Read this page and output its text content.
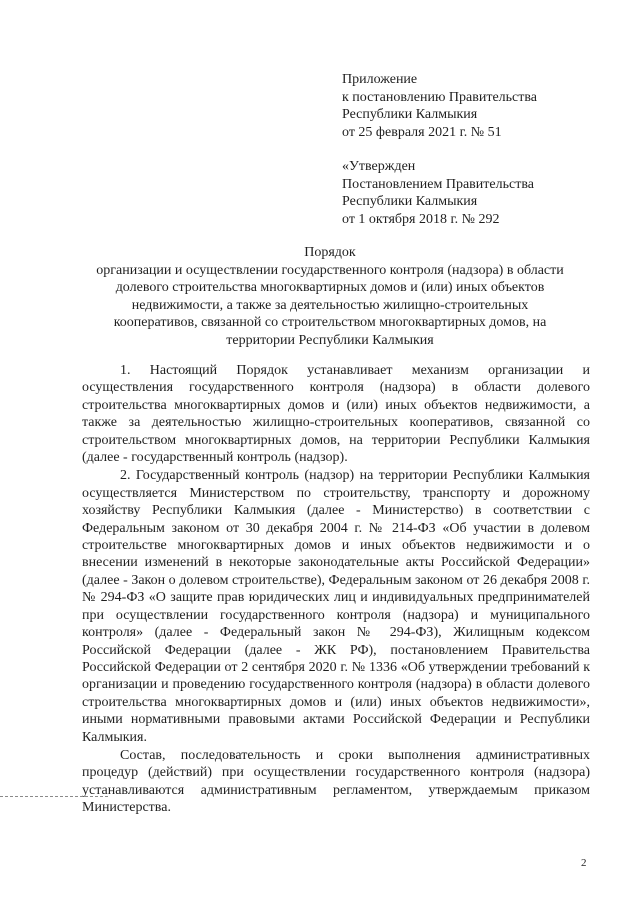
Приложение
к постановлению Правительства
Республики Калмыкия
от 25 февраля 2021 г. № 51
«Утвержден
Постановлением Правительства
Республики Калмыкия
от 1 октября 2018 г. № 292
Порядок
организации и осуществлении государственного контроля (надзора) в области
долевого строительства многоквартирных домов и (или) иных объектов
недвижимости, а также за деятельностью жилищно-строительных
кооперативов, связанной со строительством многоквартирных домов, на
территории Республики Калмыкия

1. Настоящий Порядок устанавливает механизм организации и осуществления государственного контроля (надзора) в области долевого строительства многоквартирных домов и (или) иных объектов недвижимости, а также за деятельностью жилищно-строительных кооперативов, связанной со строительством многоквартирных домов, на территории Республики Калмыкия (далее - государственный контроль (надзор).

2. Государственный контроль (надзор) на территории Республики Калмыкия осуществляется Министерством по строительству, транспорту и дорожному хозяйству Республики Калмыкия (далее - Министерство) в соответствии с Федеральным законом от 30 декабря 2004 г. № 214-ФЗ «Об участии в долевом строительстве многоквартирных домов и иных объектов недвижимости и о внесении изменений в некоторые законодательные акты Российской Федерации» (далее - Закон о долевом строительстве), Федеральным законом от 26 декабря 2008 г. № 294-ФЗ «О защите прав юридических лиц и индивидуальных предпринимателей при осуществлении государственного контроля (надзора) и муниципального контроля» (далее - Федеральный закон № 294-ФЗ), Жилищным кодексом Российской Федерации (далее - ЖК РФ), постановлением Правительства Российской Федерации от 2 сентября 2020 г. № 1336 «Об утверждении требований к организации и проведению государственного контроля (надзора) в области долевого строительства многоквартирных домов и (или) иных объектов недвижимости», иными нормативными правовыми актами Российской Федерации и Республики Калмыкия.

Состав, последовательность и сроки выполнения административных процедур (действий) при осуществлении государственного контроля (надзора) устанавливаются административным регламентом, утверждаемым приказом Министерства.

2
